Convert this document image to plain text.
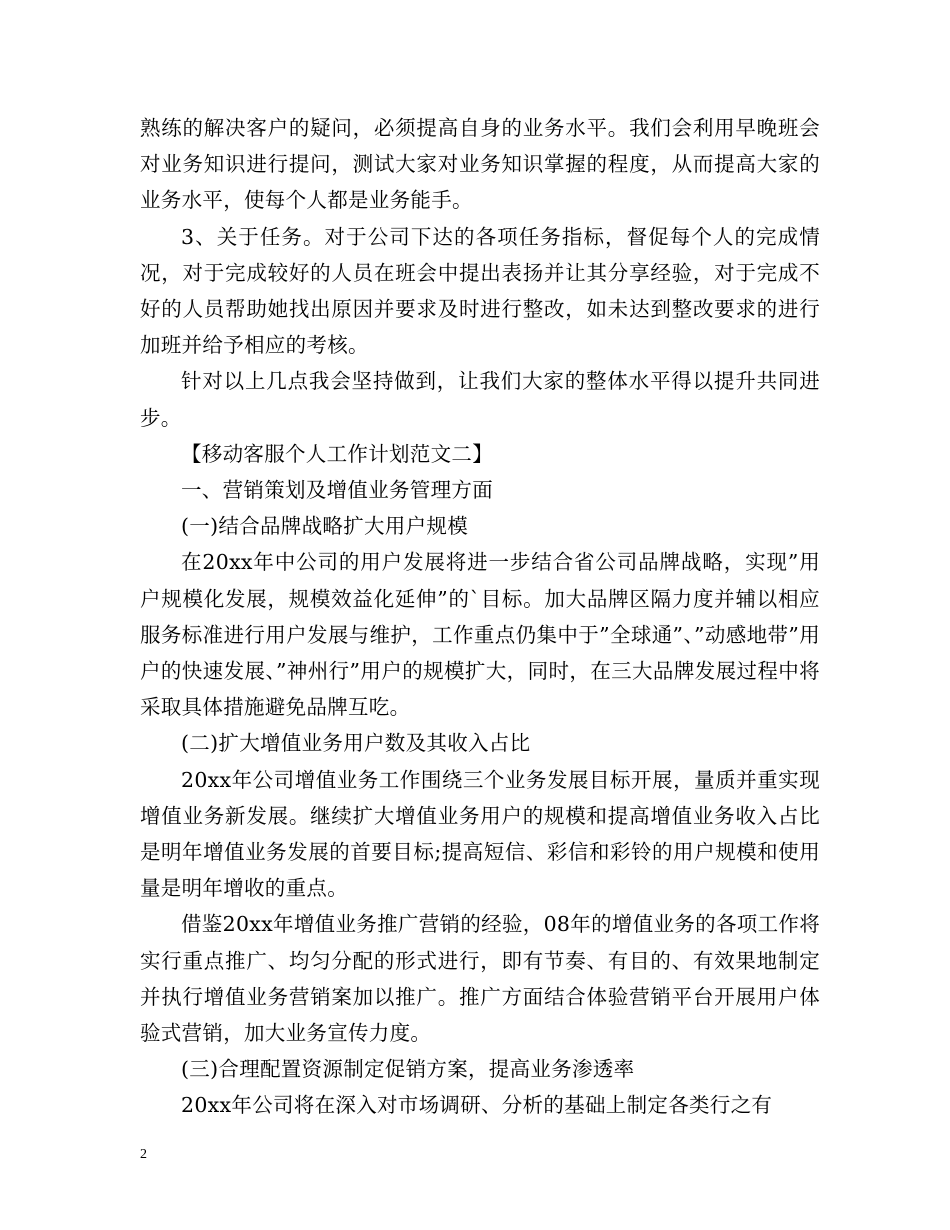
熟练的解决客户的疑问，必须提高自身的业务水平。我们会利用早晚班会对业务知识进行提问，测试大家对业务知识掌握的程度，从而提高大家的业务水平，使每个人都是业务能手。

3、关于任务。对于公司下达的各项任务指标，督促每个人的完成情况，对于完成较好的人员在班会中提出表扬并让其分享经验，对于完成不好的人员帮助她找出原因并要求及时进行整改，如未达到整改要求的进行加班并给予相应的考核。

针对以上几点我会坚持做到，让我们大家的整体水平得以提升共同进步。

【移动客服个人工作计划范文二】

一、营销策划及增值业务管理方面

(一)结合品牌战略扩大用户规模

在20xx年中公司的用户发展将进一步结合省公司品牌战略，实现”用户规模化发展，规模效益化延伸”的`目标。加大品牌区隔力度并辅以相应服务标准进行用户发展与维护，工作重点仍集中于”全球通”、”动感地带”用户的快速发展、”神州行”用户的规模扩大，同时，在三大品牌发展过程中将采取具体措施避免品牌互吃。

(二)扩大增值业务用户数及其收入占比

20xx年公司增值业务工作围绕三个业务发展目标开展，量质并重实现增值业务新发展。继续扩大增值业务用户的规模和提高增值业务收入占比是明年增值业务发展的首要目标;提高短信、彩信和彩铃的用户规模和使用量是明年增收的重点。

借鉴20xx年增值业务推广营销的经验，08年的增值业务的各项工作将实行重点推广、均匀分配的形式进行，即有节奏、有目的、有效果地制定并执行增值业务营销案加以推广。推广方面结合体验营销平台开展用户体验式营销，加大业务宣传力度。

(三)合理配置资源制定促销方案，提高业务渗透率

20xx年公司将在深入对市场调研、分析的基础上制定各类行之有

2
